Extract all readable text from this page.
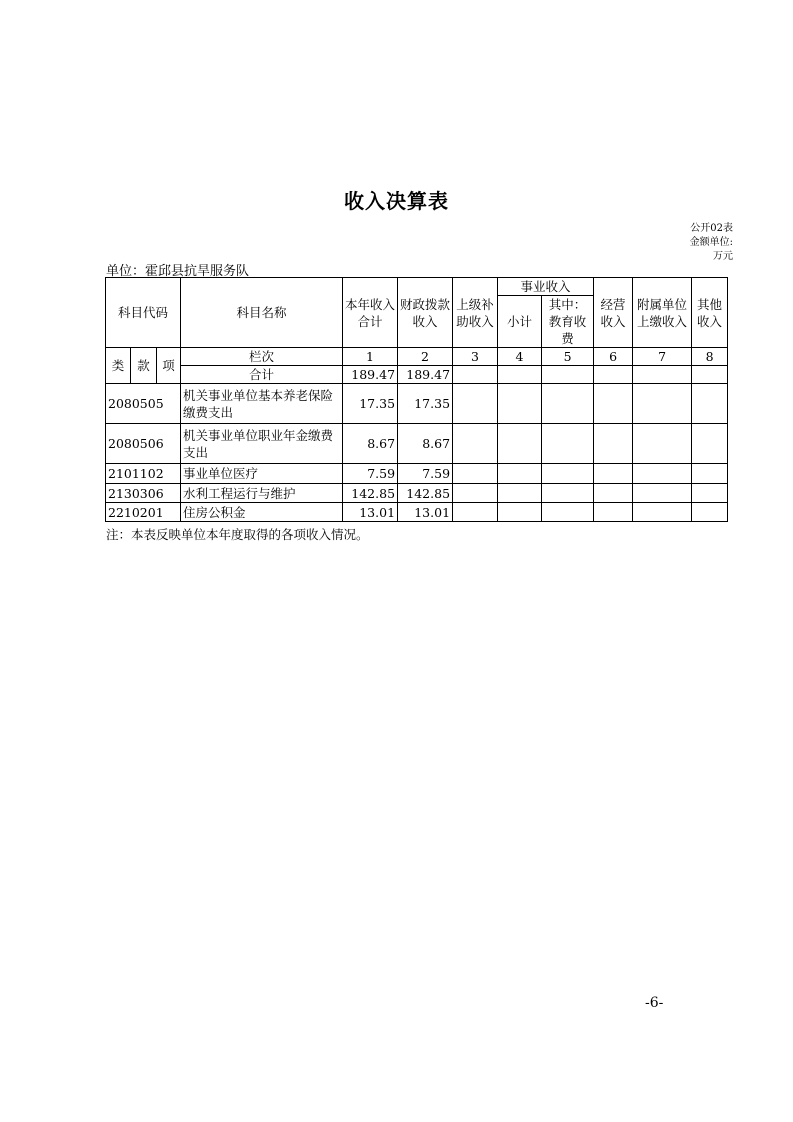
收入决算表
公开02表
金额单位:万元
单位：霍邱县抗旱服务队
科目代码			科目名称	本年收入合计	财政拨款收入	上级补助收入	事业收入		经营收入	附属单位上缴收入	其他收入
							小计	其中：教育收费			
类	款	项	栏次	1	2	3	4	5	6	7	8
			合计	189.47	189.47						
2080505			机关事业单位基本养老保险缴费支出	17.35	17.35						
2080506			机关事业单位职业年金缴费支出	8.67	8.67						
2101102			事业单位医疗	7.59	7.59						
2130306			水利工程运行与维护	142.85	142.85						
2210201			住房公积金	13.01	13.01						
注：本表反映单位本年度取得的各项收入情况。
-6-
